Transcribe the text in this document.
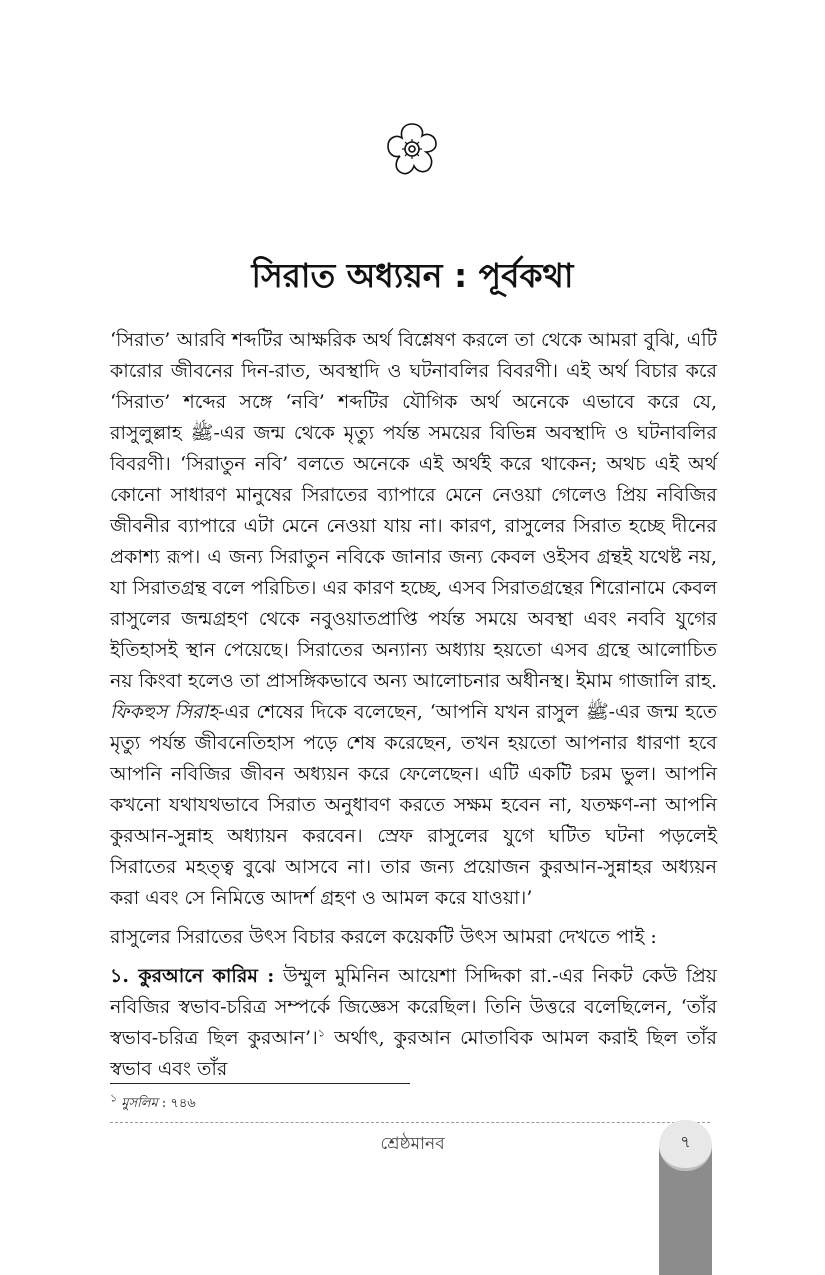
সিরাত অধ্যয়ন : পূর্বকথা

‘সিরাত’ আরবি শব্দটির আক্ষরিক অর্থ বিশ্লেষণ করলে তা থেকে আমরা বুঝি, এটি কারোর জীবনের দিন-রাত, অবস্থাদি ও ঘটনাবলির বিবরণী। এই অর্থ বিচার করে ‘সিরাত’ শব্দের সঙ্গে ‘নবি’ শব্দটির যৌগিক অর্থ অনেকে এভাবে করে যে, রাসুলুল্লাহ ﷺ-এর জন্ম থেকে মৃত্যু পর্যন্ত সময়ের বিভিন্ন অবস্থাদি ও ঘটনাবলির বিবরণী। ‘সিরাতুন নবি’ বলতে অনেকে এই অর্থই করে থাকেন; অথচ এই অর্থ কোনো সাধারণ মানুষের সিরাতের ব্যাপারে মেনে নেওয়া গেলেও প্রিয় নবিজির জীবনীর ব্যাপারে এটা মেনে নেওয়া যায় না। কারণ, রাসুলের সিরাত হচ্ছে দীনের প্রকাশ্য রূপ। এ জন্য সিরাতুন নবিকে জানার জন্য কেবল ওইসব গ্রন্থই যথেষ্ট নয়, যা সিরাতগ্রন্থ বলে পরিচিত। এর কারণ হচ্ছে, এসব সিরাতগ্রন্থের শিরোনামে কেবল রাসুলের জন্মগ্রহণ থেকে নবুওয়াতপ্রাপ্তি পর্যন্ত সময়ে অবস্থা এবং নববি যুগের ইতিহাসই স্থান পেয়েছে। সিরাতের অন্যান্য অধ্যায় হয়তো এসব গ্রন্থে আলোচিত নয় কিংবা হলেও তা প্রাসঙ্গিকভাবে অন্য আলোচনার অধীনস্থ। ইমাম গাজালি রাহ. ফিকহুস সিরাহ-এর শেষের দিকে বলেছেন, ‘আপনি যখন রাসুল ﷺ-এর জন্ম হতে মৃত্যু পর্যন্ত জীবনেতিহাস পড়ে শেষ করেছেন, তখন হয়তো আপনার ধারণা হবে আপনি নবিজির জীবন অধ্যয়ন করে ফেলেছেন। এটি একটি চরম ভুল। আপনি কখনো যথাযথভাবে সিরাত অনুধাবণ করতে সক্ষম হবেন না, যতক্ষণ-না আপনি কুরআন-সুন্নাহ অধ্যায়ন করবেন। স্রেফ রাসুলের যুগে ঘটিত ঘটনা পড়লেই সিরাতের মহত্ত্ব বুঝে আসবে না। তার জন্য প্রয়োজন কুরআন-সুন্নাহর অধ্যয়ন করা এবং সে নিমিত্তে আদর্শ গ্রহণ ও আমল করে যাওয়া।’

রাসুলের সিরাতের উৎস বিচার করলে কয়েকটি উৎস আমরা দেখতে পাই :

১. কুরআনে কারিম : উম্মুল মুমিনিন আয়েশা সিদ্দিকা রা.-এর নিকট কেউ প্রিয় নবিজির স্বভাব-চরিত্র সম্পর্কে জিজ্ঞেস করেছিল। তিনি উত্তরে বলেছিলেন, ‘তাঁর স্বভাব-চরিত্র ছিল কুরআন’।$^১$ অর্থাৎ, কুরআন মোতাবিক আমল করাই ছিল তাঁর স্বভাব এবং তাঁর

$^১$ মুসলিম : ৭৪৬
শ্রেষ্ঠমানব	৭
